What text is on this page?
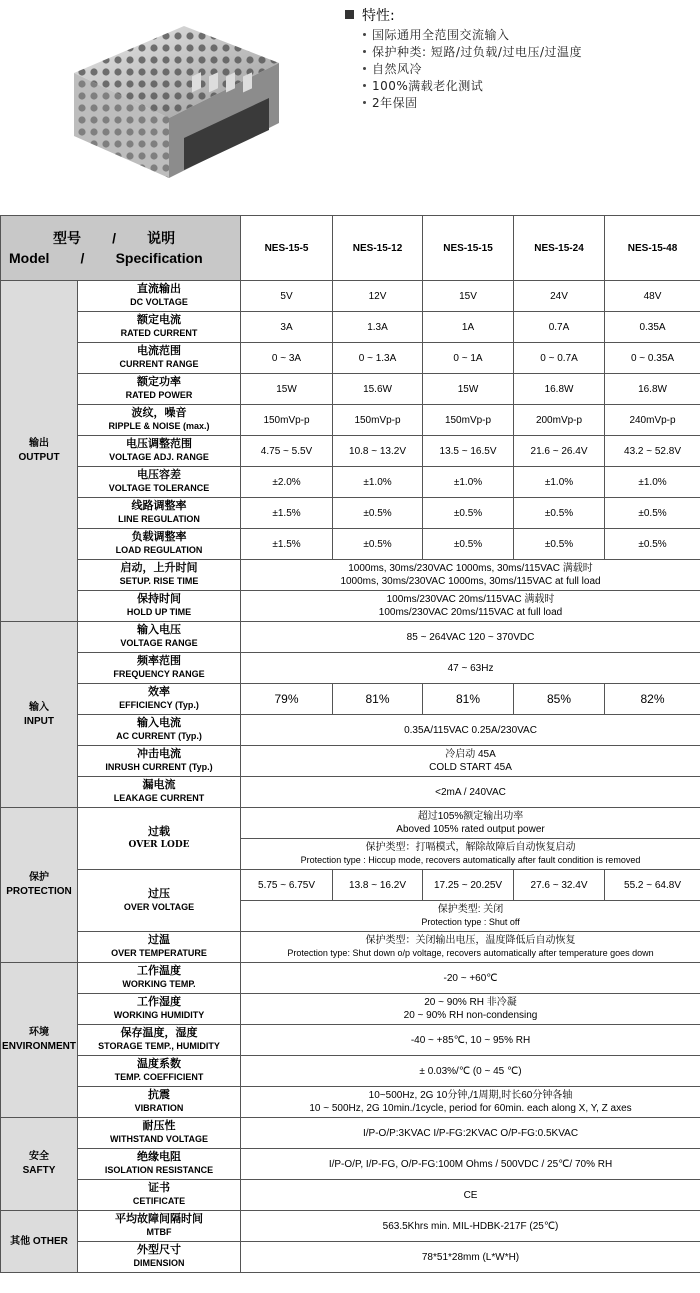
特性:
国际通用全范围交流输入
保护种类: 短路/过负载/过电压/过温度
自然风冷
100%满载老化测试
2年保固
型号        /        说明
Model        /        Specification		NES-15-5	NES-15-12	NES-15-15	NES-15-24	NES-15-48
输出
OUTPUT	直流输出
DC VOLTAGE	5V	12V	15V	24V	48V

	额定电流
RATED CURRENT	3A	1.3A	1A	0.7A	0.35A

	电流范围
CURRENT RANGE	0 ~ 3A	0 ~ 1.3A	0 ~ 1A	0 ~ 0.7A	0 ~ 0.35A

	额定功率
RATED POWER	15W	15.6W	15W	16.8W	16.8W

	波纹，噪音
RIPPLE & NOISE (max.)	150mVp-p	150mVp-p	150mVp-p	200mVp-p	240mVp-p

	电压调整范围
VOLTAGE ADJ. RANGE	4.75 ~ 5.5V	10.8 ~ 13.2V	13.5 ~ 16.5V	21.6 ~ 26.4V	43.2 ~ 52.8V

	电压容差
VOLTAGE TOLERANCE	±2.0%	±1.0%	±1.0%	±1.0%	±1.0%

	线路调整率
LINE REGULATION	±1.5%	±0.5%	±0.5%	±0.5%	±0.5%

	负载调整率
LOAD REGULATION	±1.5%	±0.5%	±0.5%	±0.5%	±0.5%

	启动，上升时间
SETUP. RISE TIME	1000ms, 30ms/230VAC 1000ms, 30ms/115VAC 满载时
1000ms, 30ms/230VAC 1000ms, 30ms/115VAC at full load				

	保持时间
HOLD UP TIME	100ms/230VAC 20ms/115VAC 满载时
100ms/230VAC 20ms/115VAC at full load				

输入
INPUT	输入电压
VOLTAGE RANGE	85 ~ 264VAC 120 ~ 370VDC				

	频率范围
FREQUENCY RANGE	47 ~ 63Hz				

	效率
EFFICIENCY (Typ.)	79%	81%	81%	85%	82%

	输入电流
AC CURRENT (Typ.)	0.35A/115VAC 0.25A/230VAC				

	冲击电流
INRUSH CURRENT (Typ.)	冷启动 45A
COLD START 45A				

	漏电流
LEAKAGE CURRENT	<2mA / 240VAC				
保护
PROTECTION	过载
OVER LODE	超过105%额定输出功率
Aboved 105% rated output power				

		保护类型：打嗝模式，解除故障后自动恢复启动
Protection type : Hiccup mode, recovers automatically after fault condition is removed				

	过压
OVER VOLTAGE	5.75 ~ 6.75V	13.8 ~ 16.2V	17.25 ~ 20.25V	27.6 ~ 32.4V	55.2 ~ 64.8V

		保护类型: 关闭
Protection type : Shut off				

	过温
OVER TEMPERATURE	保护类型：关闭输出电压，温度降低后自动恢复
Protection type: Shut down o/p voltage, recovers automatically after temperature goes down				

环境
ENVIRONMENT	工作温度
WORKING TEMP.	-20 ~ +60℃				

	工作湿度
WORKING HUMIDITY	20 ~ 90% RH 非冷凝
20 ~ 90% RH non-condensing				

	保存温度，湿度
STORAGE TEMP., HUMIDITY	-40 ~ +85℃, 10 ~ 95% RH				

	温度系数
TEMP. COEFFICIENT	± 0.03%/℃ (0 ~ 45 ℃)				

	抗震
VIBRATION	10~500Hz, 2G 10分钟,/1周期,时长60分钟各轴
10 ~ 500Hz, 2G 10min./1cycle, period for 60min. each along X, Y, Z axes				

安全
SAFTY	耐压性
WITHSTAND VOLTAGE	I/P-O/P:3KVAC I/P-FG:2KVAC O/P-FG:0.5KVAC				

	绝缘电阻
ISOLATION RESISTANCE	I/P-O/P, I/P-FG, O/P-FG:100M Ohms / 500VDC / 25℃/ 70% RH				

	证书
CETIFICATE	CE				
其他 OTHER	平均故障间隔时间
MTBF	563.5Khrs min. MIL-HDBK-217F (25℃)				

	外型尺寸
DIMENSION	78*51*28mm (L*W*H)				
